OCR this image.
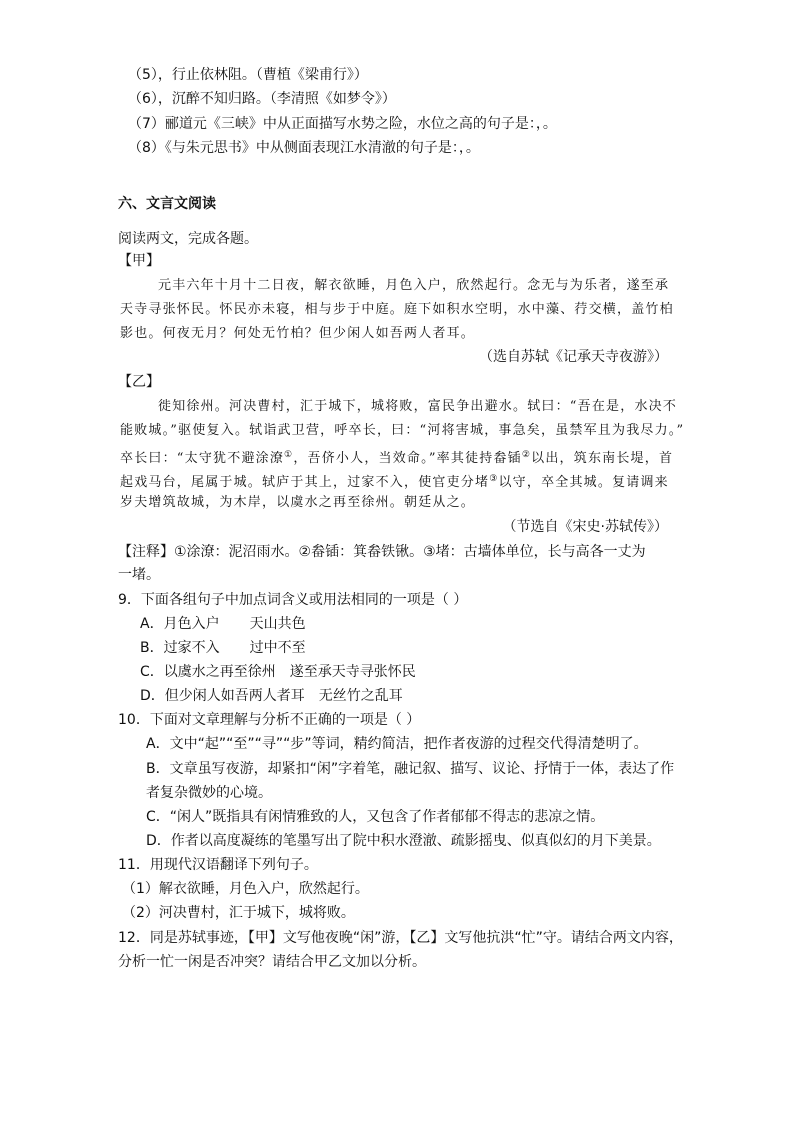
（5），行止依林阻。（曹植《梁甫行》）
（6），沉醉不知归路。（李清照《如梦令》）
（7）郦道元《三峡》中从正面描写水势之险，水位之高的句子是：，。
（8）《与朱元思书》中从侧面表现江水清澈的句子是：，。
六、文言文阅读
阅读两文，完成各题。
【甲】
元丰六年十月十二日夜，解衣欲睡，月色入户，欣然起行。念无与为乐者，遂至承
天寺寻张怀民。怀民亦未寝，相与步于中庭。庭下如积水空明，水中藻、荇交横，盖竹柏
影也。何夜无月？何处无竹柏？但少闲人如吾两人者耳。
（选自苏轼《记承天寺夜游》）
【乙】
徙知徐州。河决曹村，汇于城下，城将败，富民争出避水。轼曰：“吾在是，水决不
能败城。”驱使复入。轼诣武卫营，呼卒长，曰：“河将害城，事急矣，虽禁军且为我尽力。”
卒长曰：“太守犹不避涂潦①，吾侪小人，当效命。”率其徒持畚锸②以出，筑东南长堤，首
起戏马台，尾属于城。轼庐于其上，过家不入，使官吏分堵③以守，卒全其城。复请调来
岁夫增筑故城，为木岸，以虞水之再至徐州。朝廷从之。
（节选自《宋史·苏轼传》）
【注释】①涂潦：泥沼雨水。②畚锸：箕畚铁锹。③堵：古墙体单位，长与高各一丈为
一堵。
9．下面各组句子中加点词含义或用法相同的一项是（ ）
A．月色入户 天山共色
B．过家不入 过中不至
C．以虞水之再至徐州 遂至承天寺寻张怀民
D．但少闲人如吾两人者耳 无丝竹之乱耳
10．下面对文章理解与分析不正确的一项是（ ）
A．文中“起”“至”“寻”“步”等词，精约简洁，把作者夜游的过程交代得清楚明了。
B．文章虽写夜游，却紧扣“闲”字着笔，融记叙、描写、议论、抒情于一体，表达了作
者复杂微妙的心境。
C．“闲人”既指具有闲情雅致的人，又包含了作者郁郁不得志的悲凉之情。
D．作者以高度凝练的笔墨写出了院中积水澄澈、疏影摇曳、似真似幻的月下美景。
11．用现代汉语翻译下列句子。
（1）解衣欲睡，月色入户，欣然起行。
（2）河决曹村，汇于城下，城将败。
12．同是苏轼事迹，【甲】文写他夜晚“闲”游，【乙】文写他抗洪“忙”守。请结合两文内容，
分析一忙一闲是否冲突？请结合甲乙文加以分析。
